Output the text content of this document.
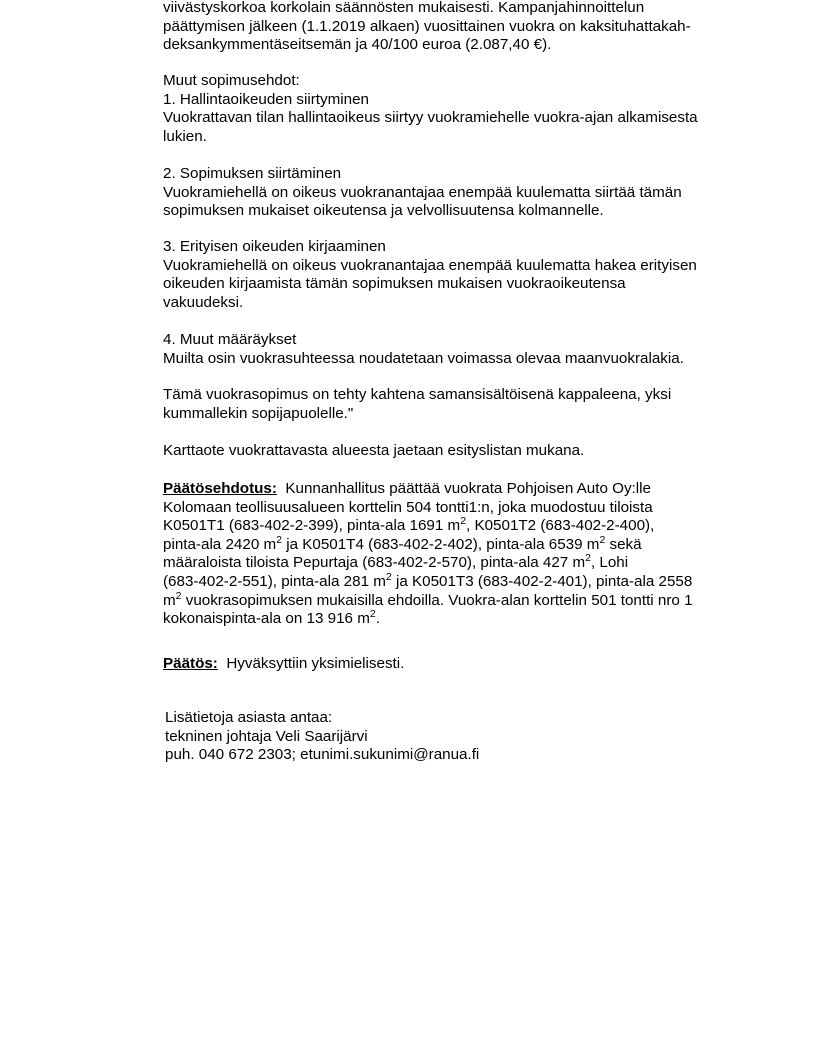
viivästyskorkoa korkolain säännösten mukaisesti. Kampanjahinnoittelun
päättymisen jälkeen (1.1.2019 alkaen) vuosittainen vuokra on kaksituhattakah-
deksankymmentäseitsemän ja 40/100 euroa (2.087,40 €).
Muut sopimusehdot:
1. Hallintaoikeuden siirtyminen
Vuokrattavan tilan hallintaoikeus siirtyy vuokramiehelle vuokra-ajan alkamisesta
lukien.
2. Sopimuksen siirtäminen
Vuokramiehellä on oikeus vuokranantajaa enempää kuulematta siirtää tämän
sopimuksen mukaiset oikeutensa ja velvollisuutensa kolmannelle.
3. Erityisen oikeuden kirjaaminen
Vuokramiehellä on oikeus vuokranantajaa enempää kuulematta hakea erityisen
oikeuden kirjaamista tämän sopimuksen mukaisen vuokraoikeutensa
vakuudeksi.
4. Muut määräykset
Muilta osin vuokrasuhteessa noudatetaan voimassa olevaa maanvuokralakia.
Tämä vuokrasopimus on tehty kahtena samansisältöisenä kappaleena, yksi
kummallekin sopijapuolelle."
Karttaote vuokrattavasta alueesta jaetaan esityslistan mukana.
Päätösehdotus:  Kunnanhallitus päättää vuokrata Pohjoisen Auto Oy:lle
Kolomaan teollisuusalueen korttelin 504 tontti1:n, joka muodostuu tiloista
K0501T1 (683-402-2-399), pinta-ala 1691 $m^2$, K0501T2 (683-402-2-400),
pinta-ala 2420 $m^2$ ja K0501T4 (683-402-2-402), pinta-ala 6539 $m^2$ sekä
määraloista tiloista Pepurtaja (683-402-2-570), pinta-ala 427 $m^2$, Lohi
(683-402-2-551), pinta-ala 281 $m^2$ ja K0501T3 (683-402-2-401), pinta-ala 2558
$m^2$ vuokrasopimuksen mukaisilla ehdoilla. Vuokra-alan korttelin 501 tontti nro 1
kokonaispinta-ala on 13 916 $m^2$.
Päätös:  Hyväksyttiin yksimielisesti.
Lisätietoja asiasta antaa:
tekninen johtaja Veli Saarijärvi
puh. 040 672 2303; etunimi.sukunimi@ranua.fi
